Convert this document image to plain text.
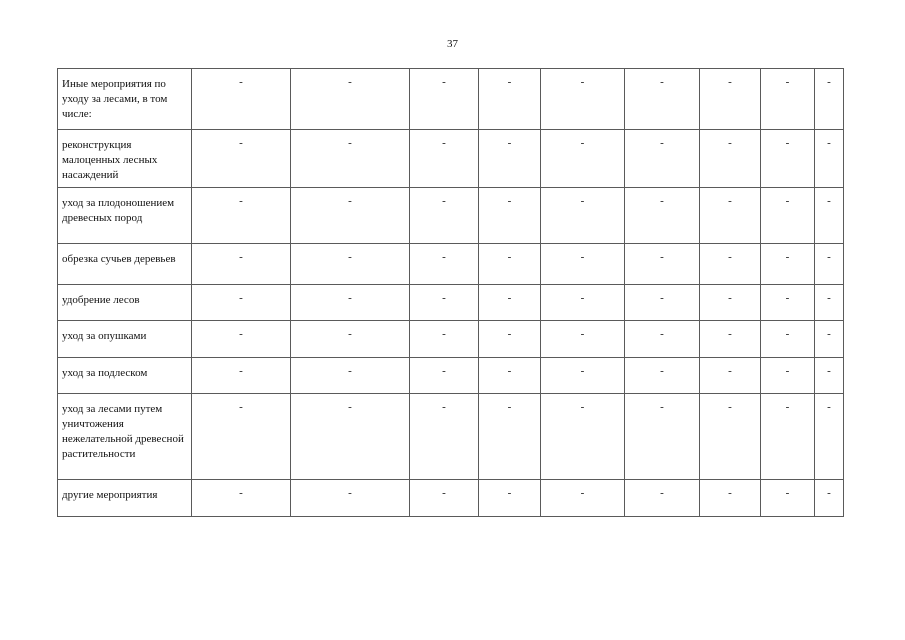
37
Иные мероприятия по уходу за лесами, в том числе:	-	-	-	-	-	-	-	-	-
реконструкция малоценных лесных насаждений	-	-	-	-	-	-	-	-	-
уход за плодоношением древесных пород	-	-	-	-	-	-	-	-	-
обрезка сучьев деревьев	-	-	-	-	-	-	-	-	-
удобрение лесов	-	-	-	-	-	-	-	-	-
уход за опушками	-	-	-	-	-	-	-	-	-
уход за подлеском	-	-	-	-	-	-	-	-	-
уход за лесами путем уничтожения нежелательной древесной растительности	-	-	-	-	-	-	-	-	-
другие мероприятия	-	-	-	-	-	-	-	-	-
